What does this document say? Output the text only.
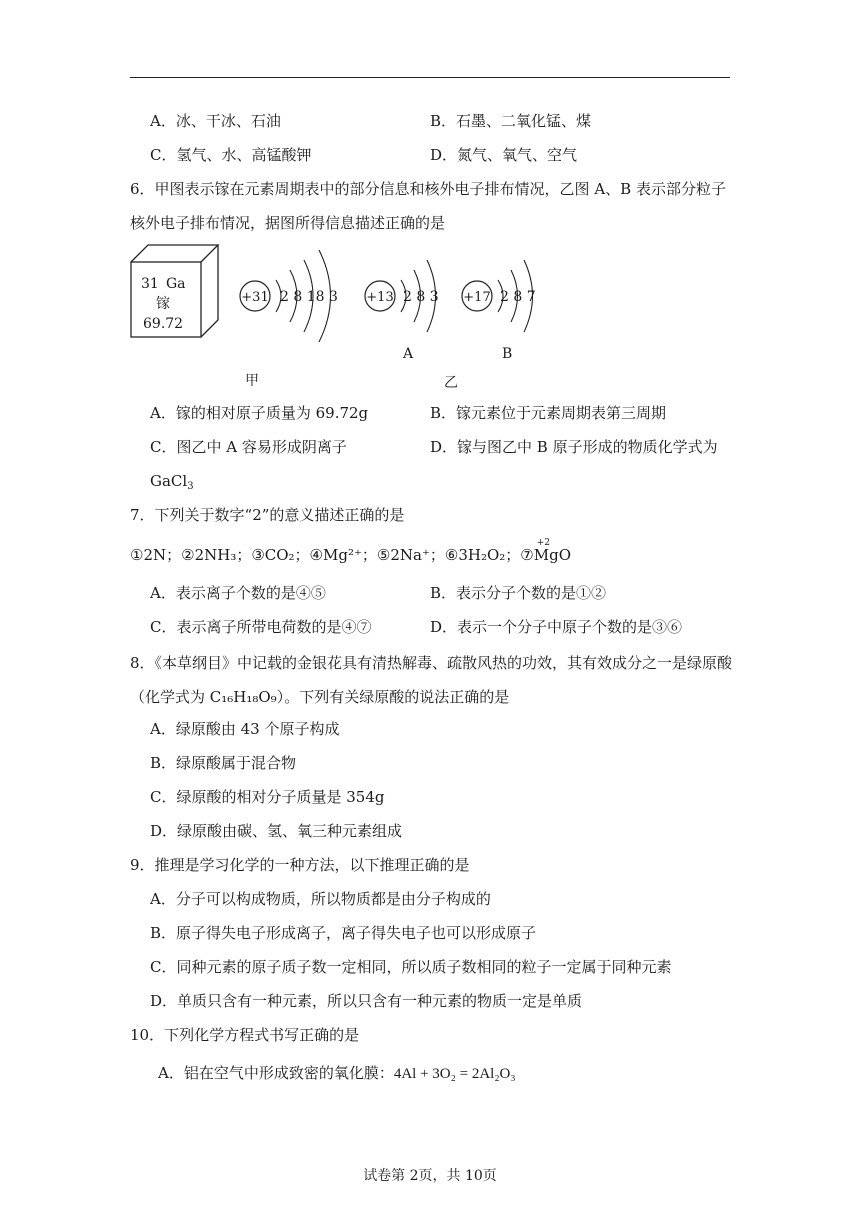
A．冰、干冰、石油	B．石墨、二氧化锰、煤
C．氢气、水、高锰酸钾	D．氮气、氧气、空气
6．甲图表示镓在元素周期表中的部分信息和核外电子排布情况，乙图 A、B 表示部分粒子
核外电子排布情况，据图所得信息描述正确的是
31 Ga
镓
69.72
+31 2 8 18 3 +13 2 8 3
A
+17 2 8 7
B
甲	乙
A．镓的相对原子质量为 69.72g	B．镓元素位于元素周期表第三周期
C．图乙中 A 容易形成阴离子	D．镓与图乙中 B 原子形成的物质化学式为
GaCl$_3$
7．下列关于数字“2”的意义描述正确的是
①2N；②2NH₃；③CO₂；④Mg²⁺；⑤2Na⁺；⑥3H₂O₂；⑦
+2
MgO
A．表示离子个数的是④⑤	B．表示分子个数的是①②
C．表示离子所带电荷数的是④⑦	D．表示一个分子中原子个数的是③⑥
8．《本草纲目》中记载的金银花具有清热解毒、疏散风热的功效，其有效成分之一是绿原酸
（化学式为 C₁₆H₁₈O₉）。下列有关绿原酸的说法正确的是
A．绿原酸由 43 个原子构成
B．绿原酸属于混合物
C．绿原酸的相对分子质量是 354g
D．绿原酸由碳、氢、氧三种元素组成
9．推理是学习化学的一种方法，以下推理正确的是
A．分子可以构成物质，所以物质都是由分子构成的
B．原子得失电子形成离子，离子得失电子也可以形成原子
C．同种元素的原子质子数一定相同，所以质子数相同的粒子一定属于同种元素
D．单质只含有一种元素，所以只含有一种元素的物质一定是单质
10．下列化学方程式书写正确的是
A．铝在空气中形成致密的氧化膜：4Al + 3O₂ = 2Al₂O₃
试卷第 2页，共 10页
